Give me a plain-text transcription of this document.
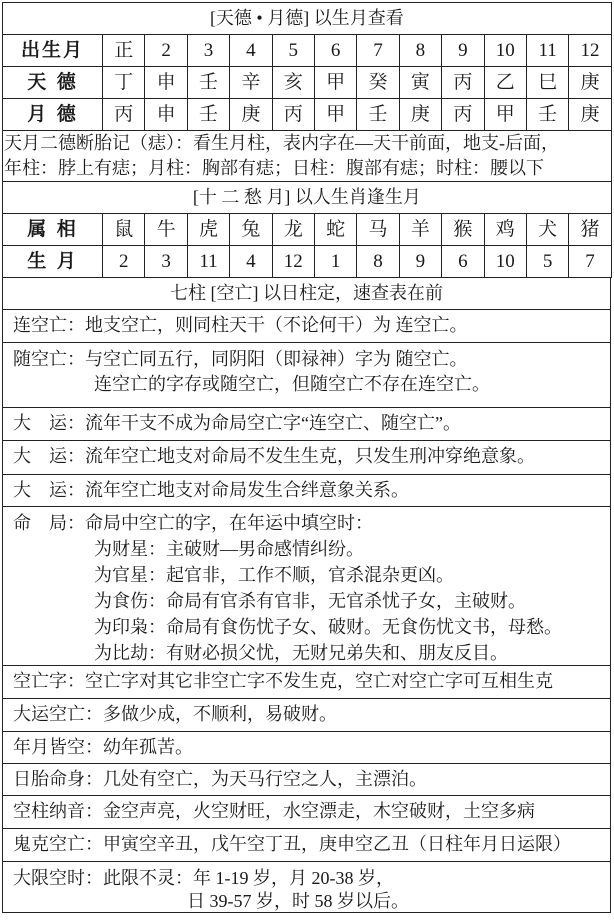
[天德 • 月德] 以生月查看												
出生月	正	2	3	4	5	6	7	8	9	10	11	12
天 德	丁	申	壬	辛	亥	甲	癸	寅	丙	乙	巳	庚
月 德	丙	申	壬	庚	丙	甲	壬	庚	丙	甲	壬	庚

天月二德断胎记（痣）：看生月柱，表内字在—天干前面，地支-后面，
年柱：脖上有痣；月柱：胸部有痣；日柱：腹部有痣；时柱：腰以下												

[十 二 愁 月] 以人生肖逢生月												
属 相	鼠	牛	虎	兔	龙	蛇	马	羊	猴	鸡	犬	猪
生 月	2	3	11	4	12	1	8	9	6	10	5	7
七柱 [空亡] 以日柱定，速查表在前
连空亡：地支空亡，则同柱天干（不论何干）为 连空亡。
随空亡：与空亡同五行，同阴阳（即禄神）字为 随空亡。
连空亡的字存或随空亡，但随空亡不存在连空亡。
大　运：流年干支不成为命局空亡字“连空亡、随空亡”。
大　运：流年空亡地支对命局不发生生克，只发生刑冲穿绝意象。
大　运：流年空亡地支对命局发生合绊意象关系。
命　局：命局中空亡的字，在年运中填空时：
为财星：主破财—男命感情纠纷。
为官星：起官非，工作不顺，官杀混杂更凶。
为食伤：命局有官杀有官非，无官杀忧子女，主破财。
为印枭：命局有食伤忧子女、破财。无食伤忧文书，母愁。
为比劫：有财必损父忧，无财兄弟失和、朋友反目。
空亡字：空亡字对其它非空亡字不发生克，空亡对空亡字可互相生克
大运空亡：多做少成，不顺利，易破财。
年月皆空：幼年孤苦。
日胎命身：几处有空亡，为天马行空之人，主漂泊。
空柱纳音：金空声亮，火空财旺，水空漂走，木空破财，土空多病
鬼克空亡：甲寅空辛丑，戊午空丁丑，庚申空乙丑（日柱年月日运限）
大限空时：此限不灵：年 1-19 岁，月 20-38 岁，
日 39-57 岁，时 58 岁以后。
